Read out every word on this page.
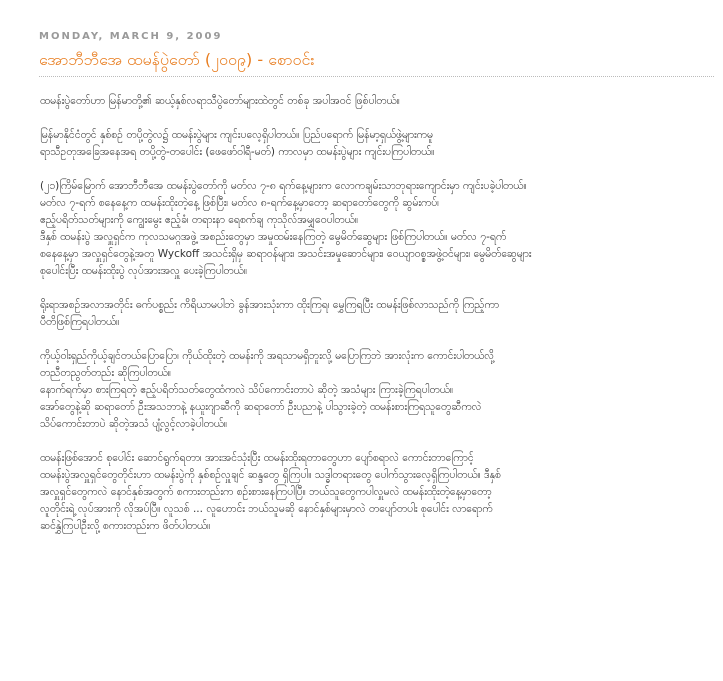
MONDAY, MARCH 9, 2009
အောဘီဘီအေ ထမန်ပွဲတော် (၂၀၀၉) - စောဝင်း
ထမန်းပွဲတော်ဟာ မြန်မာတို့၏ ဆယ့်နှစ်လရာသီပွဲတော်များထဲတွင် တစ်ခု အပါအဝင် ဖြစ်ပါတယ်။
မြန်မာနိုင်ငံတွင် နှစ်စဉ် တပို့တွဲလ၌ ထမန်းပွဲများ ကျင်းပလေ့ရှိပါတယ်။ ပြည်ပရောက် မြန်မာ့ရှယ်ဖွဲ့များကမူ
ရာသီဥတုအခြေအနေအရ တပို့တွဲ-တပေါင်း (ဖေဖော်ဝါရီ-မတ်) ကာလမှာ ထမန်းပွဲများ ကျင်းပကြပါတယ်။
(၂၁)ကြိမ်မြောက် အောဘီဘီအေ ထမန်းပွဲတော်ကို မတ်လ ၇-၈ ရက်နေ့များက လောကချမ်းသာဘုရားကျောင်းမှာ ကျင်းပခဲ့ပါတယ်။
မတ်လ ၇-ရက် စနေနေ့က ထမန်းထိုးတဲ့နေ့ ဖြစ်ပြီး၊ မတ်လ ၈-ရက်နေ့မှာတော့ ဆရာတော်တွေကို ဆွမ်းကပ်၊
ဧည့်ပရိတ်သတ်များကို ကျွေးမွေး ဧည့်ခံ၊ တရားနာ ရေစက်ချ ကုသိုလ်အမျှဝေပါတယ်။
ဒီနှစ် ထမန်းပွဲ အလှူရှင်က ကုလသမဂ္ဂအဖွဲ့ အစည်းတွေမှာ အမှုထမ်းနေကြတဲ့ မွေမိတ်ဆွေများ ဖြစ်ကြပါတယ်။ မတ်လ ၇-ရက်
စနေနေ့မှာ အလှူရှင်တွေနဲ့အတူ Wyckoff အသင်းရှိမှ ဆရာဝန်များ၊ အသင်းအမှုဆောင်များ၊ ဝေယျာဝစ္စအဖွဲ့ဝင်များ၊ မွေမိတ်ဆွေများ
စုပေါင်းပြီး ထမန်းထိုးပွဲ လုပ်အားအလှူ ပေးခဲ့ကြပါတယ်။
ရိုးရာအစဉ်အလာအတိုင်း ဓက်ပစ္စည်း ကိရိယာမပါဘဲ ခွန်အားသုံးကာ ထိုးကြရ၊ မွှေကြရပြီး ထမန်းဖြစ်လာသည်ကို ကြည့်ကာ
ပီတိဖြစ်ကြရပါတယ်။
ကိုယ့်ဝါးရှည်ကိုယ့်ချင်တယ်ပြောပြော၊ ကိုယ်ထိုးတဲ့ ထမန်းကို အရသာမရှိဘူးလို့ မပြောကြဘဲ အားလုံးက ကောင်းပါတယ်လို့
တညီတညွတ်တည်း ဆိုကြပါတယ်။
နောက်ရက်မှာ စားကြရတဲ့ ဧည့်ပရိတ်သတ်တွေထံကလဲ သိပ်ကောင်းတာပဲ ဆိုတဲ့ အသံများ ကြားခဲ့ကြရပါတယ်။
အော်တွေနဲ့ဆို ဆရာတော် ဦးအသဘာနဲ့ နယူးဂျာဆီကို ဆရာတော် ဦးပညာနဲ့ ပါသွားခဲ့တဲ့ ထမန်းစားကြရသူတွေဆီကလဲ
သိပ်ကောင်းတာပဲ ဆိုတဲ့အသံ ပျံ့လွင့်လာခဲ့ပါတယ်။
ထမန်းဖြစ်အောင် စုပေါင်း ဆောင်ရွက်ရတာ၊ အားအင်သုံးပြီး ထမန်းထိုးရတာတွေဟာ ပျော်စရာလဲ ကောင်းတာကြောင့်
ထမန်းပွဲအလှူရှင်တွေတိုင်းဟာ ထမန်းပွဲကို နှစ်စဉ်လှူချင် ဆန္ဒတွေ ရှိကြပါ။ သဒ္ဓါတရားတွေ ပေါက်သွားလေ့ရှိကြပါတယ်။ ဒီနှစ်
အလှူရှင်တွေကလဲ နောင်နှစ်အတွက် စကားတည်းက စဉ်းစားနေကြပါပြီ။ ဘယ်သူတွေကပါလှူမလဲ ထမန်းထိုးတဲ့နေ့မှာတော့
လူတိုင်းရဲ့ လုပ်အားကို လိုအပ်ပြီ။ လူသစ် ... လူဟောင်း ဘယ်သူမဆို နောင်နှစ်များမှာလဲ တပျော်တပါး စုပေါင်း လာရောက်
ဆင်နွှဲကြပါဦးလို့ စကားတည်းက ဖိတ်ပါတယ်။
